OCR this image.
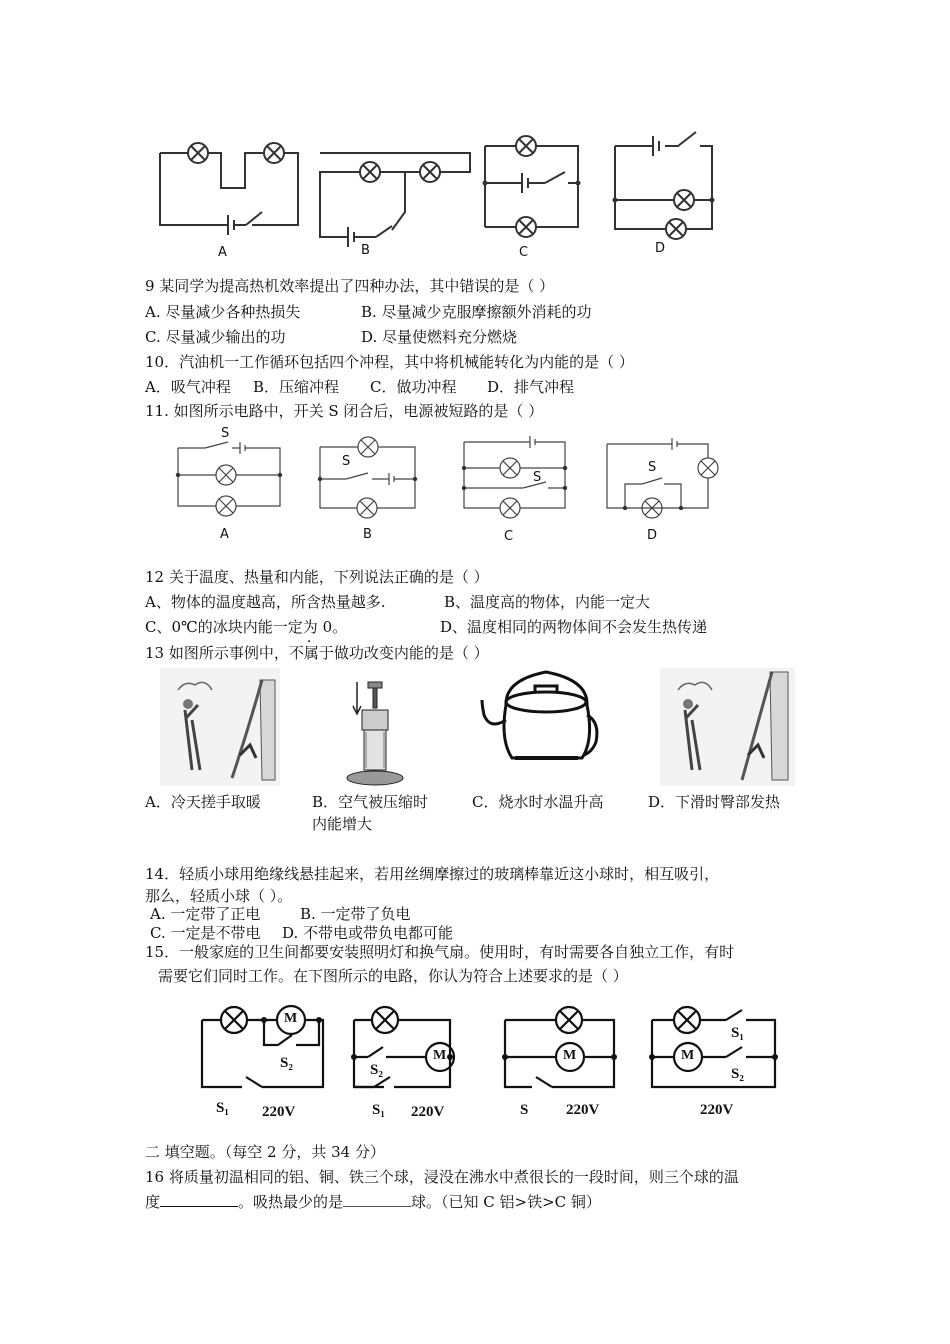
A	B	C	D
9 某同学为提高热机效率提出了四种办法，其中错误的是（ ）
A. 尽量减少各种热损失	B. 尽量减少克服摩擦额外消耗的功
C. 尽量减少输出的功	D. 尽量使燃料充分燃烧
10．汽油机一工作循环包括四个冲程，其中将机械能转化为内能的是（ ）
A．吸气冲程 B．压缩冲程 C．做功冲程 D．排气冲程
11. 如图所示电路中，开关 S 闭合后，电源被短路的是（ ）
S
S
S
S
A	B	C	D
12 关于温度、热量和内能，下列说法正确的是（ ）
A、物体的温度越高，所含热量越多.	B、温度高的物体，内能一定大
C、0℃的冰块内能一定为 0。	D、温度相同的两物体间不会发生热传递
13 如图所示事例中，不属于做功改变内能的是（ ）
A．冷天搓手取暖	B．空气被压缩时
内能增大
C．烧水时水温升高	D．下滑时臀部发热
14．轻质小球用绝缘线悬挂起来，若用丝绸摩擦过的玻璃棒靠近这小球时，相互吸引，
那么，轻质小球（ ）。
A. 一定带了正电	B. 一定带了负电
C. 一定是不带电 D. 不带电或带负电都可能
15．一般家庭的卫生间都要安装照明灯和换气扇。使用时，有时需要各自独立工作，有时
需要它们同时工作。在下图所示的电路，你认为符合上述要求的是（ ）
M
M	M	M
S₂
S₁ 220V
S₂
S₁ 220V	S	220V
S₁
S₂
220V
二 填空题。（每空 2 分，共 34 分）
16 将质量初温相同的铝、铜、铁三个球，浸没在沸水中煮很长的一段时间，则三个球的温
度	。吸热最少的是	球。（已知 C 铝>铁>C 铜）
